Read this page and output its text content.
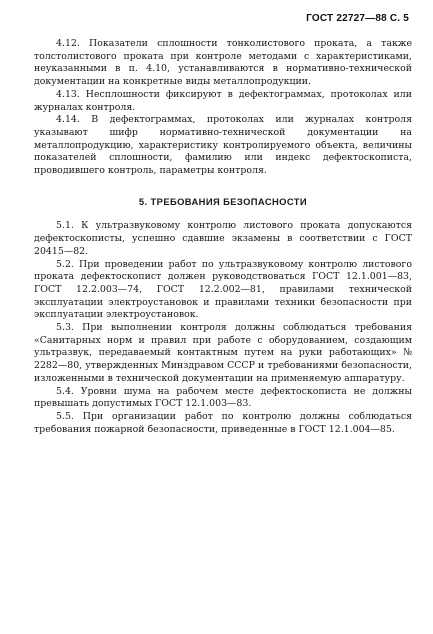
ГОСТ 22727—88 С. 5

4.12. Показатели сплошности тонколистового проката, а также толстолистового проката при контроле методами с характеристиками, неуказанными в п. 4.10, устанавливаются в нормативно-технической документации на конкретные виды металлопродукции.

4.13. Несплошности фиксируют в дефектограммах, протоколах или журналах контроля.

4.14. В дефектограммах, протоколах или журналах контроля указывают шифр нормативно-технической документации на металлопродукцию, характеристику контролируемого объекта, величины показателей сплошности, фамилию или индекс дефектоскописта, проводившего контроль, параметры контроля.

5. ТРЕБОВАНИЯ БЕЗОПАСНОСТИ

5.1. К ультразвуковому контролю листового проката допускаются дефектоскописты, успешно сдавшие экзамены в соответствии с ГОСТ 20415—82.

5.2. При проведении работ по ультразвуковому контролю листового проката дефектоскопист должен руководствоваться ГОСТ 12.1.001—83, ГОСТ 12.2.003—74, ГОСТ 12.2.002—81, правилами технической эксплуатации электроустановок и правилами техники безопасности при эксплуатации электроустановок.

5.3. При выполнении контроля должны соблюдаться требования «Санитарных норм и правил при работе с оборудованием, создающим ультразвук, передаваемый контактным путем на руки работающих» № 2282—80, утвержденных Минздравом СССР и требованиями безопасности, изложенными в технической документации на применяемую аппаратуру.

5.4. Уровни шума на рабочем месте дефектоскописта не должны превышать допустимых ГОСТ 12.1.003—83.

5.5. При организации работ по контролю должны соблюдаться требования пожарной безопасности, приведенные в ГОСТ 12.1.004—85.
